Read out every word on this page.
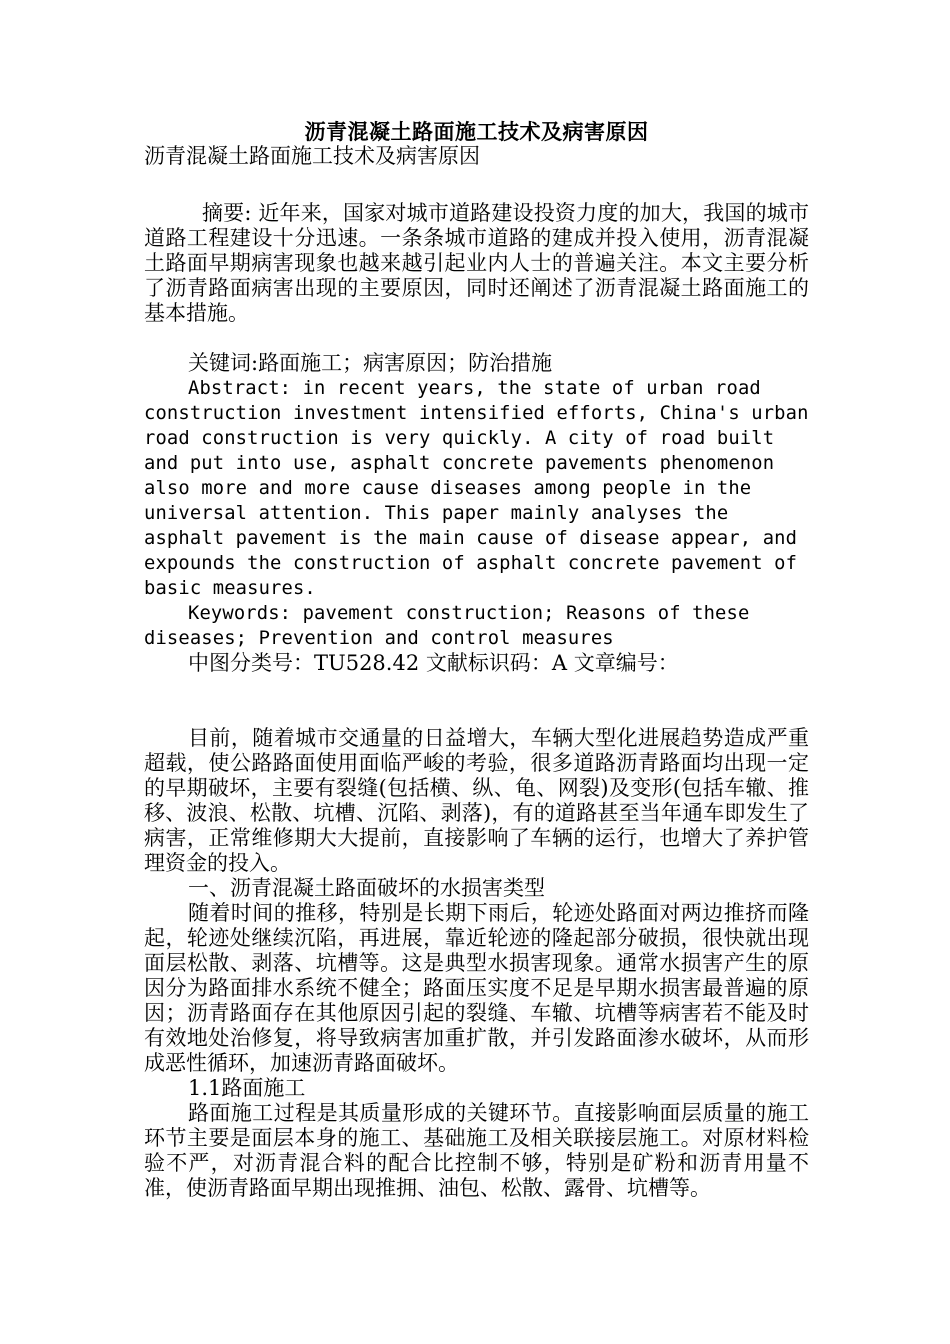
沥青混凝土路面施工技术及病害原因

沥青混凝土路面施工技术及病害原因

摘要: 近年来，国家对城市道路建设投资力度的加大，我国的城市道路工程建设十分迅速。一条条城市道路的建成并投入使用，沥青混凝土路面早期病害现象也越来越引起业内人士的普遍关注。本文主要分析了沥青路面病害出现的主要原因，同时还阐述了沥青混凝土路面施工的基本措施。

关键词:路面施工；病害原因；防治措施

Abstract: in recent years, the state of urban road construction investment intensified efforts, China's urban road construction is very quickly. A city of road built and put into use, asphalt concrete pavements phenomenon also more and more cause diseases among people in the universal attention. This paper mainly analyses the asphalt pavement is the main cause of disease appear, and expounds the construction of asphalt concrete pavement of basic measures.

Keywords: pavement construction; Reasons of these diseases; Prevention and control measures

中图分类号：TU528.42 文献标识码：A 文章编号：

目前，随着城市交通量的日益增大，车辆大型化进展趋势造成严重超载，使公路路面使用面临严峻的考验，很多道路沥青路面均出现一定的早期破坏，主要有裂缝(包括横、纵、龟、网裂)及变形(包括车辙、推移、波浪、松散、坑槽、沉陷、剥落)，有的道路甚至当年通车即发生了病害，正常维修期大大提前，直接影响了车辆的运行，也增大了养护管理资金的投入。

一、沥青混凝土路面破坏的水损害类型

随着时间的推移，特别是长期下雨后，轮迹处路面对两边推挤而隆起，轮迹处继续沉陷，再进展，靠近轮迹的隆起部分破损，很快就出现面层松散、剥落、坑槽等。这是典型水损害现象。通常水损害产生的原因分为路面排水系统不健全；路面压实度不足是早期水损害最普遍的原因；沥青路面存在其他原因引起的裂缝、车辙、坑槽等病害若不能及时有效地处治修复，将导致病害加重扩散，并引发路面渗水破坏，从而形成恶性循环，加速沥青路面破坏。

1.1路面施工

路面施工过程是其质量形成的关键环节。直接影响面层质量的施工环节主要是面层本身的施工、基础施工及相关联接层施工。对原材料检验不严，对沥青混合料的配合比控制不够，特别是矿粉和沥青用量不准，使沥青路面早期出现推拥、油包、松散、露骨、坑槽等。
